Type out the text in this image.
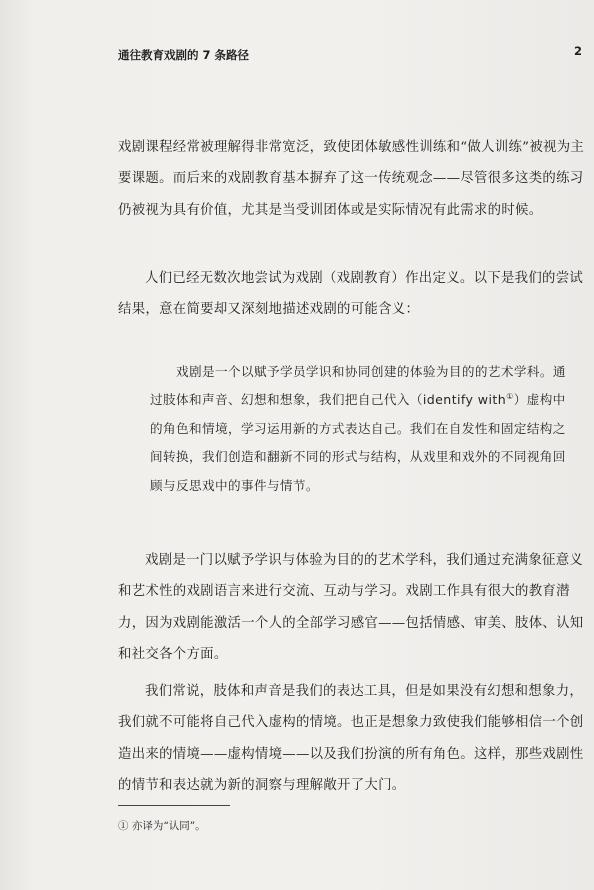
通往教育戏剧的 7 条路径	2

戏剧课程经常被理解得非常宽泛，致使团体敏感性训练和“做人训练”被视为主要课题。而后来的戏剧教育基本摒弃了这一传统观念——尽管很多这类的练习仍被视为具有价值，尤其是当受训团体或是实际情况有此需求的时候。

人们已经无数次地尝试为戏剧（戏剧教育）作出定义。以下是我们的尝试结果，意在简要却又深刻地描述戏剧的可能含义：

戏剧是一个以赋予学员学识和协同创建的体验为目的的艺术学科。通过肢体和声音、幻想和想象，我们把自己代入（identify with①）虚构中的角色和情境，学习运用新的方式表达自己。我们在自发性和固定结构之间转换，我们创造和翻新不同的形式与结构，从戏里和戏外的不同视角回顾与反思戏中的事件与情节。

戏剧是一门以赋予学识与体验为目的的艺术学科，我们通过充满象征意义和艺术性的戏剧语言来进行交流、互动与学习。戏剧工作具有很大的教育潜力，因为戏剧能激活一个人的全部学习感官——包括情感、审美、肢体、认知和社交各个方面。

我们常说，肢体和声音是我们的表达工具，但是如果没有幻想和想象力，我们就不可能将自己代入虚构的情境。也正是想象力致使我们能够相信一个创造出来的情境——虚构情境——以及我们扮演的所有角色。这样，那些戏剧性的情节和表达就为新的洞察与理解敞开了大门。

① 亦译为“认同”。
